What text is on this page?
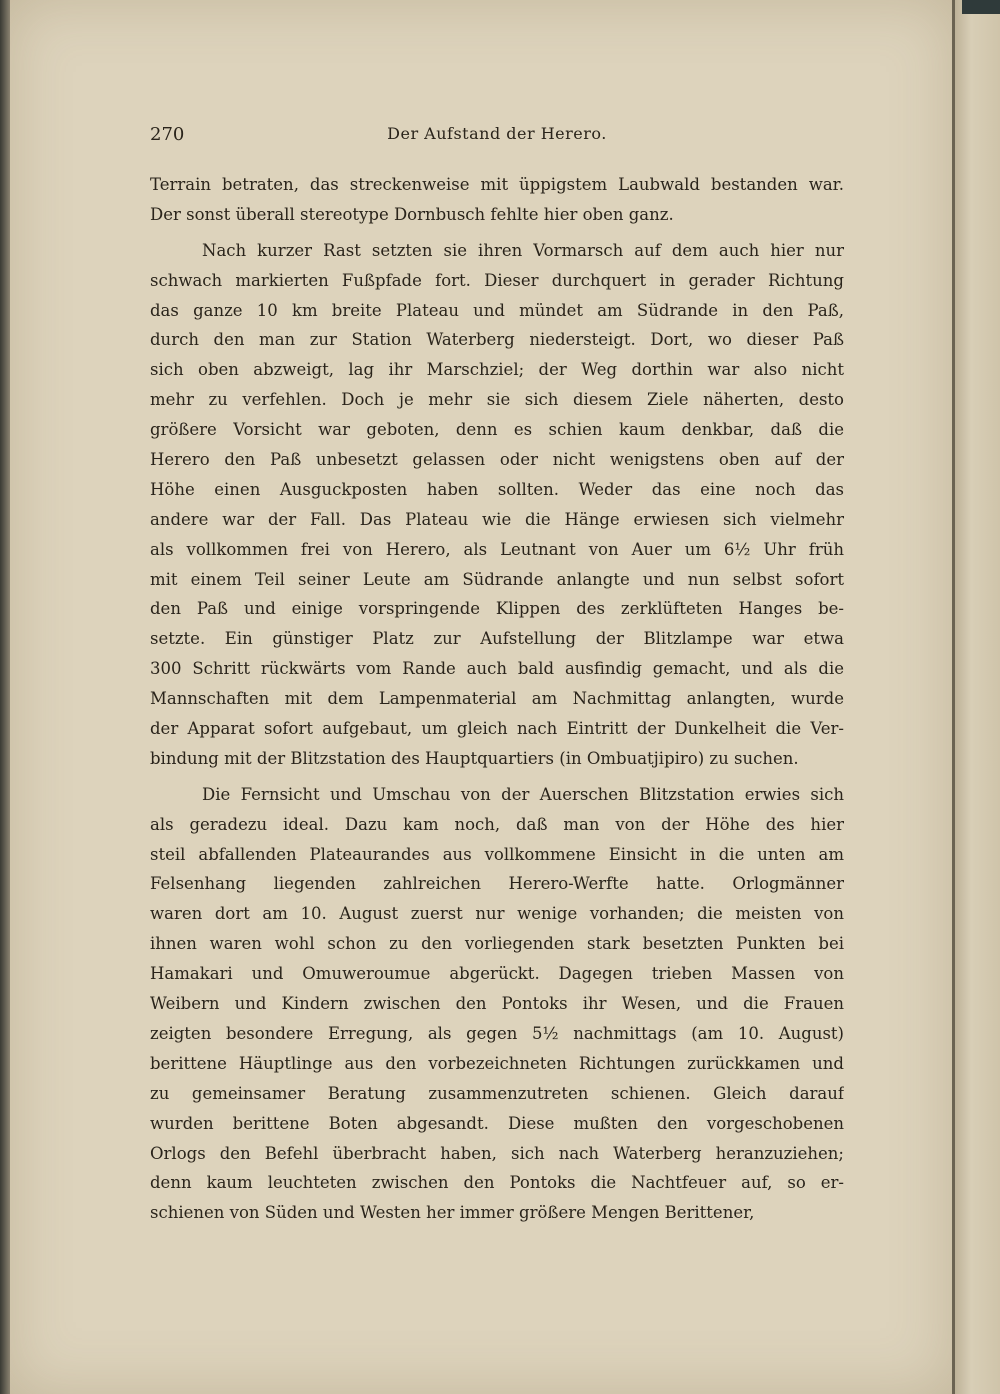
270	Der Aufstand der Herero.
Terrain betraten, das streckenweise mit üppigstem Laubwald bestanden war.
Der sonst überall stereotype Dornbusch fehlte hier oben ganz.
Nach kurzer Rast setzten sie ihren Vormarsch auf dem auch hier nur
schwach markierten Fußpfade fort. Dieser durchquert in gerader Richtung
das ganze 10 km breite Plateau und mündet am Südrande in den Paß,
durch den man zur Station Waterberg niedersteigt. Dort, wo dieser Paß
sich oben abzweigt, lag ihr Marschziel; der Weg dorthin war also nicht
mehr zu verfehlen. Doch je mehr sie sich diesem Ziele näherten, desto
größere Vorsicht war geboten, denn es schien kaum denkbar, daß die
Herero den Paß unbesetzt gelassen oder nicht wenigstens oben auf der
Höhe einen Ausguckposten haben sollten. Weder das eine noch das
andere war der Fall. Das Plateau wie die Hänge erwiesen sich vielmehr
als vollkommen frei von Herero, als Leutnant von Auer um 6½ Uhr früh
mit einem Teil seiner Leute am Südrande anlangte und nun selbst sofort
den Paß und einige vorspringende Klippen des zerklüfteten Hanges be-
setzte. Ein günstiger Platz zur Aufstellung der Blitzlampe war etwa
300 Schritt rückwärts vom Rande auch bald ausfindig gemacht, und als die
Mannschaften mit dem Lampenmaterial am Nachmittag anlangten, wurde
der Apparat sofort aufgebaut, um gleich nach Eintritt der Dunkelheit die Ver-
bindung mit der Blitzstation des Hauptquartiers (in Ombuatjipiro) zu suchen.
Die Fernsicht und Umschau von der Auerschen Blitzstation erwies sich
als geradezu ideal. Dazu kam noch, daß man von der Höhe des hier
steil abfallenden Plateaurandes aus vollkommene Einsicht in die unten am
Felsenhang liegenden zahlreichen Herero-Werfte hatte. Orlogmänner
waren dort am 10. August zuerst nur wenige vorhanden; die meisten von
ihnen waren wohl schon zu den vorliegenden stark besetzten Punkten bei
Hamakari und Omuweroumue abgerückt. Dagegen trieben Massen von
Weibern und Kindern zwischen den Pontoks ihr Wesen, und die Frauen
zeigten besondere Erregung, als gegen 5½ nachmittags (am 10. August)
berittene Häuptlinge aus den vorbezeichneten Richtungen zurückkamen und
zu gemeinsamer Beratung zusammenzutreten schienen. Gleich darauf
wurden berittene Boten abgesandt. Diese mußten den vorgeschobenen
Orlogs den Befehl überbracht haben, sich nach Waterberg heranzuziehen;
denn kaum leuchteten zwischen den Pontoks die Nachtfeuer auf, so er-
schienen von Süden und Westen her immer größere Mengen Berittener,
